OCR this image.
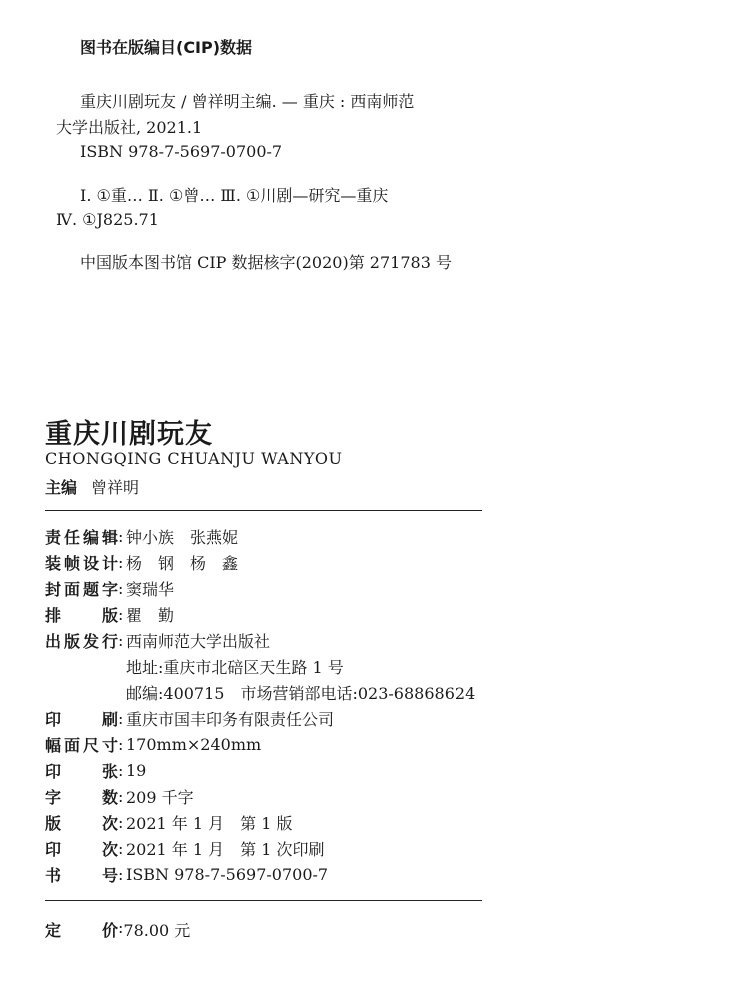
图书在版编目(CIP)数据
重庆川剧玩友 / 曾祥明主编. — 重庆 : 西南师范
大学出版社, 2021.1
ISBN 978-7-5697-0700-7
Ⅰ. ①重… Ⅱ. ①曾… Ⅲ. ①川剧—研究—重庆
Ⅳ. ①J825.71
中国版本图书馆 CIP 数据核字(2020)第 271783 号
重庆川剧玩友
CHONGQING CHUANJU WANYOU
主编 曾祥明
责 任 编 辑 : 钟小族　张燕妮
装 帧 设 计 : 杨　钢　杨　鑫
封 面 题 字 : 窦瑞华
排	版 : 瞿　勤
出 版 发 行 : 西南师范大学出版社
地址:重庆市北碚区天生路 1 号
邮编:400715　市场营销部电话:023-68868624
印	刷 : 重庆市国丰印务有限责任公司
幅 面 尺 寸 : 170mm×240mm
印	张 : 19
字	数 : 209 千字
版	次 : 2021 年 1 月　第 1 版
印	次 : 2021 年 1 月　第 1 次印刷
书	号 : ISBN 978-7-5697-0700-7
定	价 : 78.00 元
